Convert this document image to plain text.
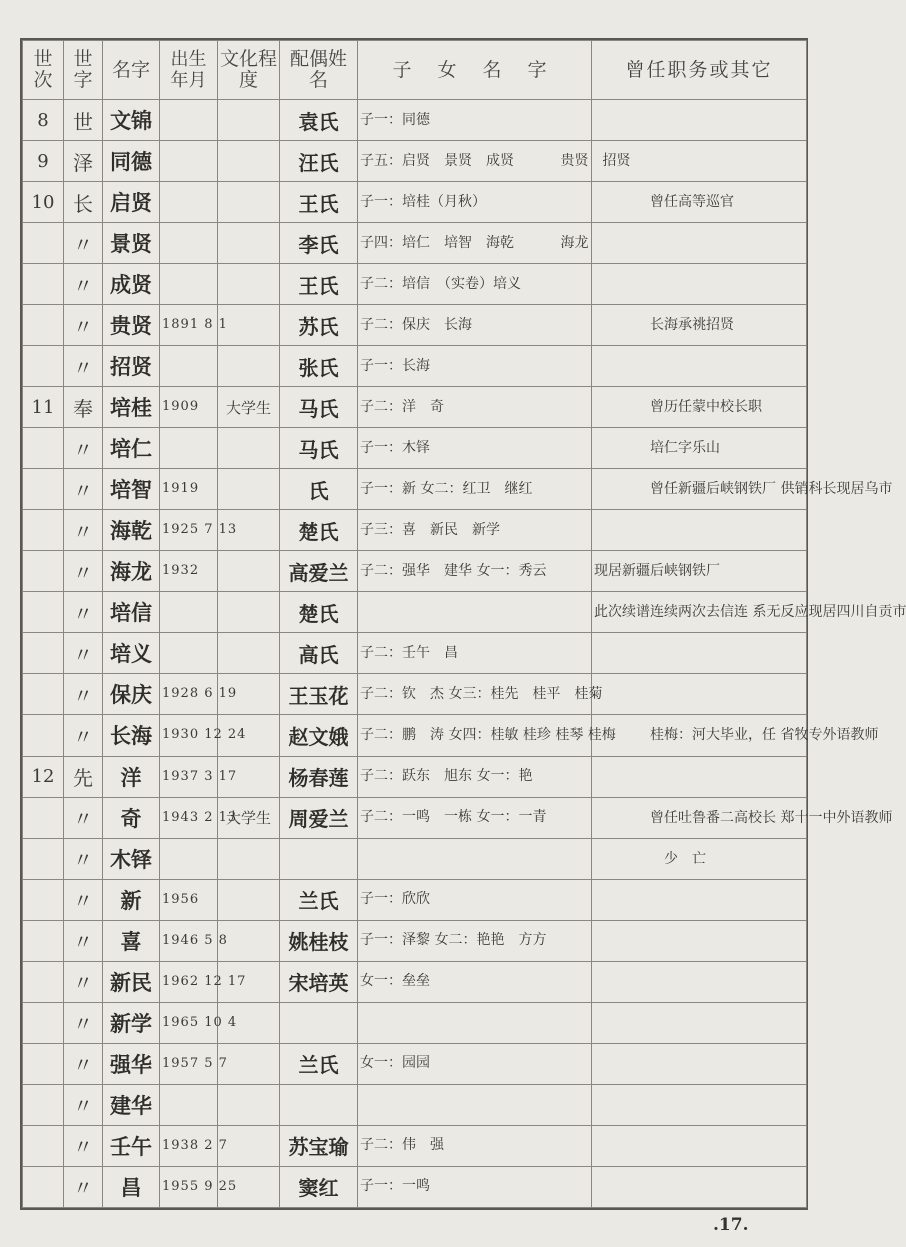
世次	世字	名字	出生年月	文化程度	配偶姓名	子 女 名 字	曾任职务或其它
8	世	文锦			袁氏	子一：同德	
9	泽	同德			汪氏	子五：启贤　景贤　成贤 　　　贵贤　招贤	
10	长	启贤			王氏	子一：培桂（月秋）	　　　　曾任高等巡官
	〃	景贤			李氏	子四：培仁　培智　海乾 　　　海龙	
	〃	成贤			王氏	子二：培信　（实卷）培义	
	〃	贵贤	1891 8 1		苏氏	子二：保庆　长海	　　　　长海承祧招贤
	〃	招贤			张氏	子一：长海	
11	奉	培桂	1909	大学生	马氏	子二：洋　奇	　　　　曾历任蒙中校长职
	〃	培仁			马氏	子一：木铎	　　　　培仁字乐山
	〃	培智	1919		氏	子一：新 女二：红卫　继红	　　　　曾任新疆后峡钢铁厂 供销科长现居乌市
	〃	海乾	1925 7 13		楚氏	子三：喜　新民　新学	
	〃	海龙	1932		高爱兰	子二：强华　建华 女一：秀云	现居新疆后峡钢铁厂
	〃	培信			楚氏		此次续谱连续两次去信连 系无反应现居四川自贡市
	〃	培义			高氏	子二：壬午　昌	
	〃	保庆	1928 6 19		王玉花	子二：钦　杰 女三：桂先　桂平　桂菊	
	〃	长海	1930 12 24		赵文娥	子二：鹏　涛 女四：桂敏 桂珍 桂琴 桂梅	　　　　桂梅：河大毕业，任 省牧专外语教师
12	先	洋	1937 3 17		杨春莲	子二：跃东　旭东 女一：艳	
	〃	奇	1943 2 13	大学生	周爱兰	子二：一鸣　一栋 女一：一青	　　　　曾任吐鲁番二高校长 郑十一中外语教师
	〃	木铎					　　　　　少　亡
	〃	新	1956		兰氏	子一：欣欣	
	〃	喜	1946 5 8		姚桂枝	子一：泽黎 女二：艳艳　方方	
	〃	新民	1962 12 17		宋培英	女一：垒垒	
	〃	新学	1965 10 4				
	〃	强华	1957 5 7		兰氏	女一：园园	
	〃	建华					
	〃	壬午	1938 2 7		苏宝瑜	子二：伟　强	
	〃	昌	1955 9 25		窦红	子一：一鸣	
.17.
